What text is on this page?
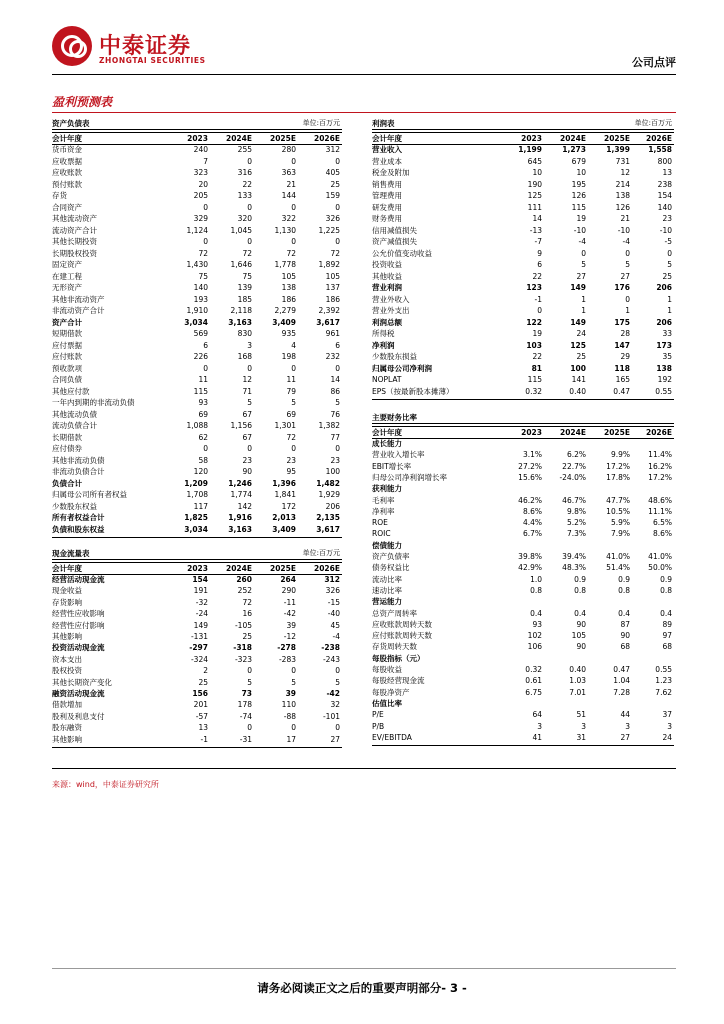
中泰证券
ZHONGTAI SECURITIES	公司点评
盈利预测表
资产负债表	单位:百万元
会计年度	2023	2024E	2025E	2026E
货币资金	240	255	280	312
应收票据	7	0	0	0
应收账款	323	316	363	405
预付账款	20	22	21	25
存货	205	133	144	159
合同资产	0	0	0	0
其他流动资产	329	320	322	326
流动资产合计	1,124	1,045	1,130	1,225
其他长期投资	0	0	0	0
长期股权投资	72	72	72	72
固定资产	1,430	1,646	1,778	1,892
在建工程	75	75	105	105
无形资产	140	139	138	137
其他非流动资产	193	185	186	186
非流动资产合计	1,910	2,118	2,279	2,392
资产合计	3,034	3,163	3,409	3,617
短期借款	569	830	935	961
应付票据	6	3	4	6
应付账款	226	168	198	232
预收款项	0	0	0	0
合同负债	11	12	11	14
其他应付款	115	71	79	86
一年内到期的非流动负债	93	5	5	5
其他流动负债	69	67	69	76
流动负债合计	1,088	1,156	1,301	1,382
长期借款	62	67	72	77
应付债券	0	0	0	0
其他非流动负债	58	23	23	23
非流动负债合计	120	90	95	100
负债合计	1,209	1,246	1,396	1,482
归属母公司所有者权益	1,708	1,774	1,841	1,929
少数股东权益	117	142	172	206
所有者权益合计	1,825	1,916	2,013	2,135
负债和股东权益	3,034	3,163	3,409	3,617
现金流量表	单位:百万元
会计年度	2023	2024E	2025E	2026E
经营活动现金流	154	260	264	312
现金收益	191	252	290	326
存货影响	-32	72	-11	-15
经营性应收影响	-24	16	-42	-40
经营性应付影响	149	-105	39	45
其他影响	-131	25	-12	-4
投资活动现金流	-297	-318	-278	-238
资本支出	-324	-323	-283	-243
股权投资	2	0	0	0
其他长期资产变化	25	5	5	5
融资活动现金流	156	73	39	-42
借款增加	201	178	110	32
股利及利息支付	-57	-74	-88	-101
股东融资	13	0	0	0
其他影响	-1	-31	17	27
利润表	单位:百万元
会计年度	2023	2024E	2025E	2026E
营业收入	1,199	1,273	1,399	1,558
营业成本	645	679	731	800
税金及附加	10	10	12	13
销售费用	190	195	214	238
管理费用	125	126	138	154
研发费用	111	115	126	140
财务费用	14	19	21	23
信用减值损失	-13	-10	-10	-10
资产减值损失	-7	-4	-4	-5
公允价值变动收益	9	0	0	0
投资收益	6	5	5	5
其他收益	22	27	27	25
营业利润	123	149	176	206
营业外收入	-1	1	0	1
营业外支出	0	1	1	1
利润总额	122	149	175	206
所得税	19	24	28	33
净利润	103	125	147	173
少数股东损益	22	25	29	35
归属母公司净利润	81	100	118	138
NOPLAT	115	141	165	192
EPS（按最新股本摊薄）	0.32	0.40	0.47	0.55
主要财务比率
会计年度	2023	2024E	2025E	2026E
成长能力
营业收入增长率	3.1%	6.2%	9.9%	11.4%
EBIT增长率	27.2%	22.7%	17.2%	16.2%
归母公司净利润增长率	15.6%	-24.0%	17.8%	17.2%
获利能力
毛利率	46.2%	46.7%	47.7%	48.6%
净利率	8.6%	9.8%	10.5%	11.1%
ROE	4.4%	5.2%	5.9%	6.5%
ROIC	6.7%	7.3%	7.9%	8.6%
偿债能力
资产负债率	39.8%	39.4%	41.0%	41.0%
债务权益比	42.9%	48.3%	51.4%	50.0%
流动比率	1.0	0.9	0.9	0.9
速动比率	0.8	0.8	0.8	0.8
营运能力
总资产周转率	0.4	0.4	0.4	0.4
应收账款周转天数	93	90	87	89
应付账款周转天数	102	105	90	97
存货周转天数	106	90	68	68
每股指标（元）
每股收益	0.32	0.40	0.47	0.55
每股经营现金流	0.61	1.03	1.04	1.23
每股净资产	6.75	7.01	7.28	7.62
估值比率
P/E	64	51	44	37
P/B	3	3	3	3
EV/EBITDA	41	31	27	24
来源：wind，中泰证券研究所
请务必阅读正文之后的重要声明部分- 3 -
